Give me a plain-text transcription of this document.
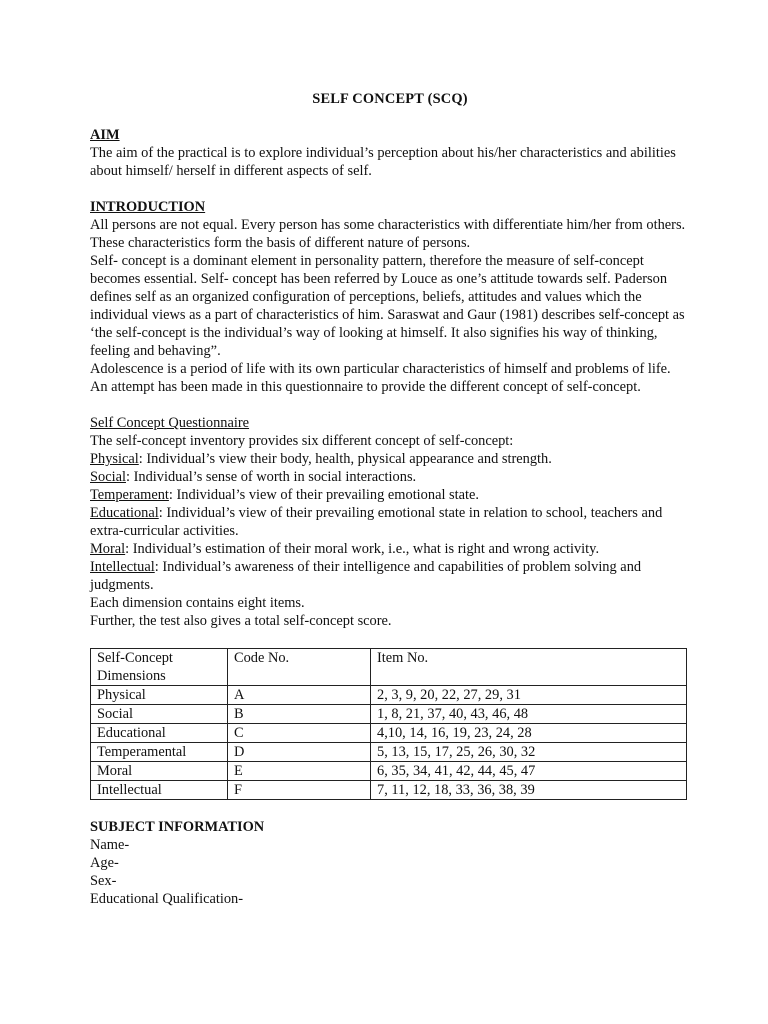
SELF CONCEPT (SCQ)

AIM

The aim of the practical is to explore individual’s perception about his/her characteristics and abilities about himself/ herself in different aspects of self.

INTRODUCTION

All persons are not equal. Every person has some characteristics with differentiate him/her from others. These characteristics form the basis of different nature of persons.

Self- concept is a dominant element in personality pattern, therefore the measure of self-concept becomes essential. Self- concept has been referred by Louce as one’s attitude towards self. Paderson defines self as an organized configuration of perceptions, beliefs, attitudes and values which the individual views as a part of characteristics of him. Saraswat and Gaur (1981) describes self-concept as ‘the self-concept is the individual’s way of looking at himself. It also signifies his way of thinking, feeling and behaving”.

Adolescence is a period of life with its own particular characteristics of himself and problems of life. An attempt has been made in this questionnaire to provide the different concept of self-concept.

Self Concept Questionnaire

The self-concept inventory provides six different concept of self-concept:

Physical: Individual’s view their body, health, physical appearance and strength.

Social: Individual’s sense of worth in social interactions.

Temperament: Individual’s view of their prevailing emotional state.

Educational: Individual’s view of their prevailing emotional state in relation to school, teachers and extra-curricular activities.

Moral: Individual’s estimation of their moral work, i.e., what is right and wrong activity.

Intellectual: Individual’s awareness of their intelligence and capabilities of problem solving and judgments.

Each dimension contains eight items.

Further, the test also gives a total self-concept score.

Self-Concept Dimensions	Code No.	Item No.
Physical	A	2, 3, 9, 20, 22, 27, 29, 31
Social	B	1, 8, 21, 37, 40, 43, 46, 48
Educational	C	4,10, 14, 16, 19, 23, 24, 28
Temperamental	D	5, 13, 15, 17, 25, 26, 30, 32
Moral	E	6, 35, 34, 41, 42, 44, 45, 47
Intellectual	F	7, 11, 12, 18, 33, 36, 38, 39

SUBJECT INFORMATION

Name-

Age-

Sex-

Educational Qualification-
